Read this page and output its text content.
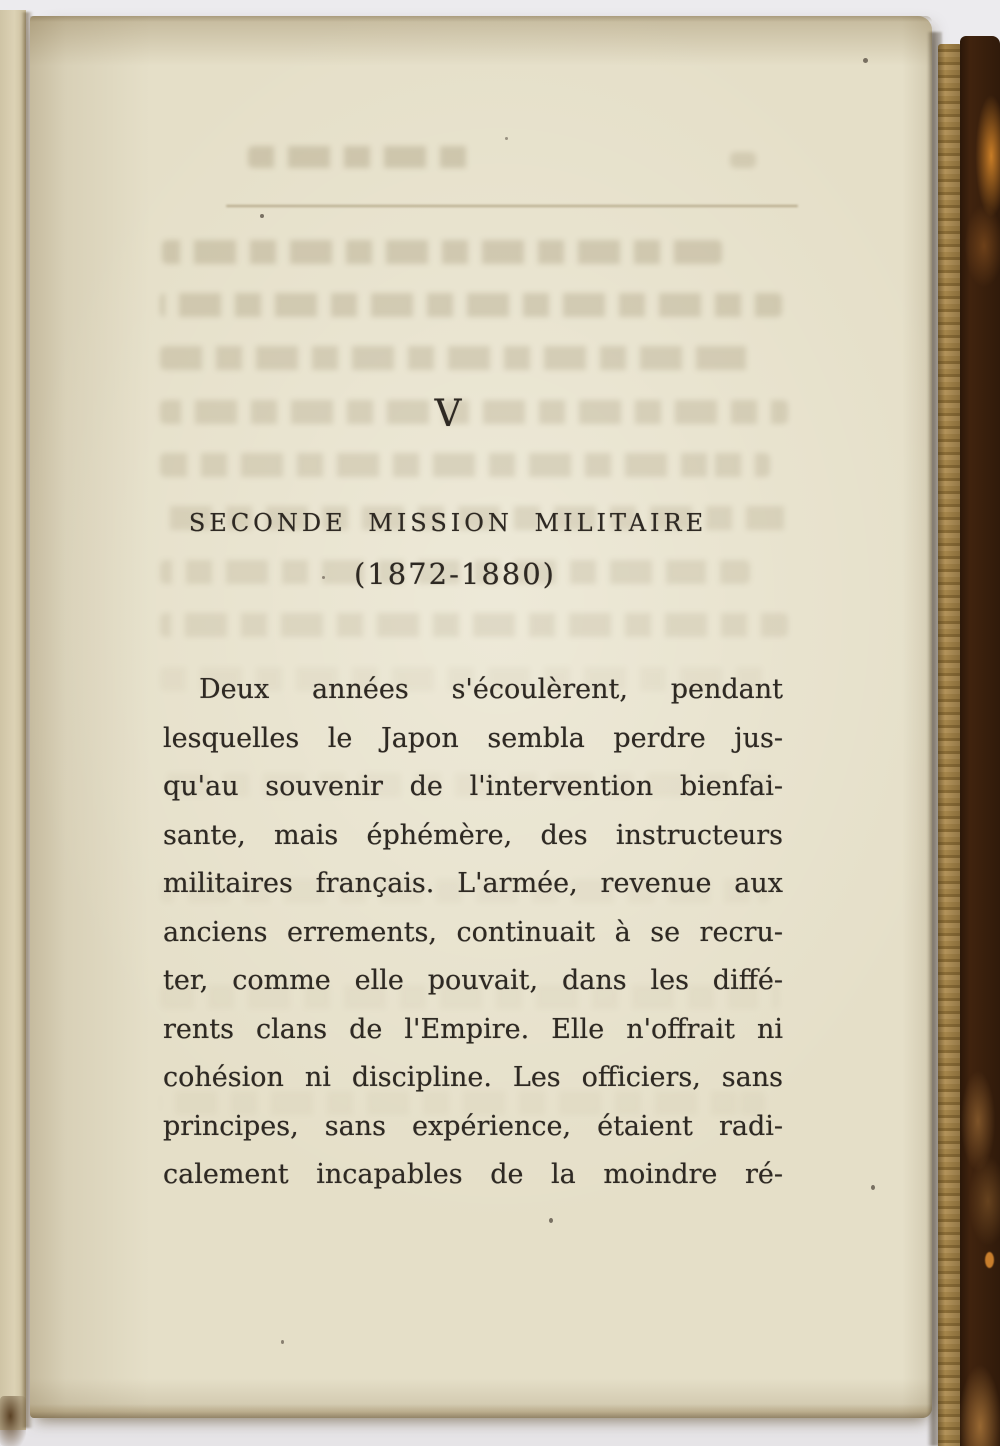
V
SECONDE MISSION MILITAIRE
(1872-1880)
Deux années s'écoulèrent, pendant
lesquelles le Japon sembla perdre jus-
qu'au souvenir de l'intervention bienfai-
sante, mais éphémère, des instructeurs
militaires français. L'armée, revenue aux
anciens errements, continuait à se recru-
ter, comme elle pouvait, dans les diffé-
rents clans de l'Empire. Elle n'offrait ni
cohésion ni discipline. Les officiers, sans
principes, sans expérience, étaient radi-
calement incapables de la moindre ré-
